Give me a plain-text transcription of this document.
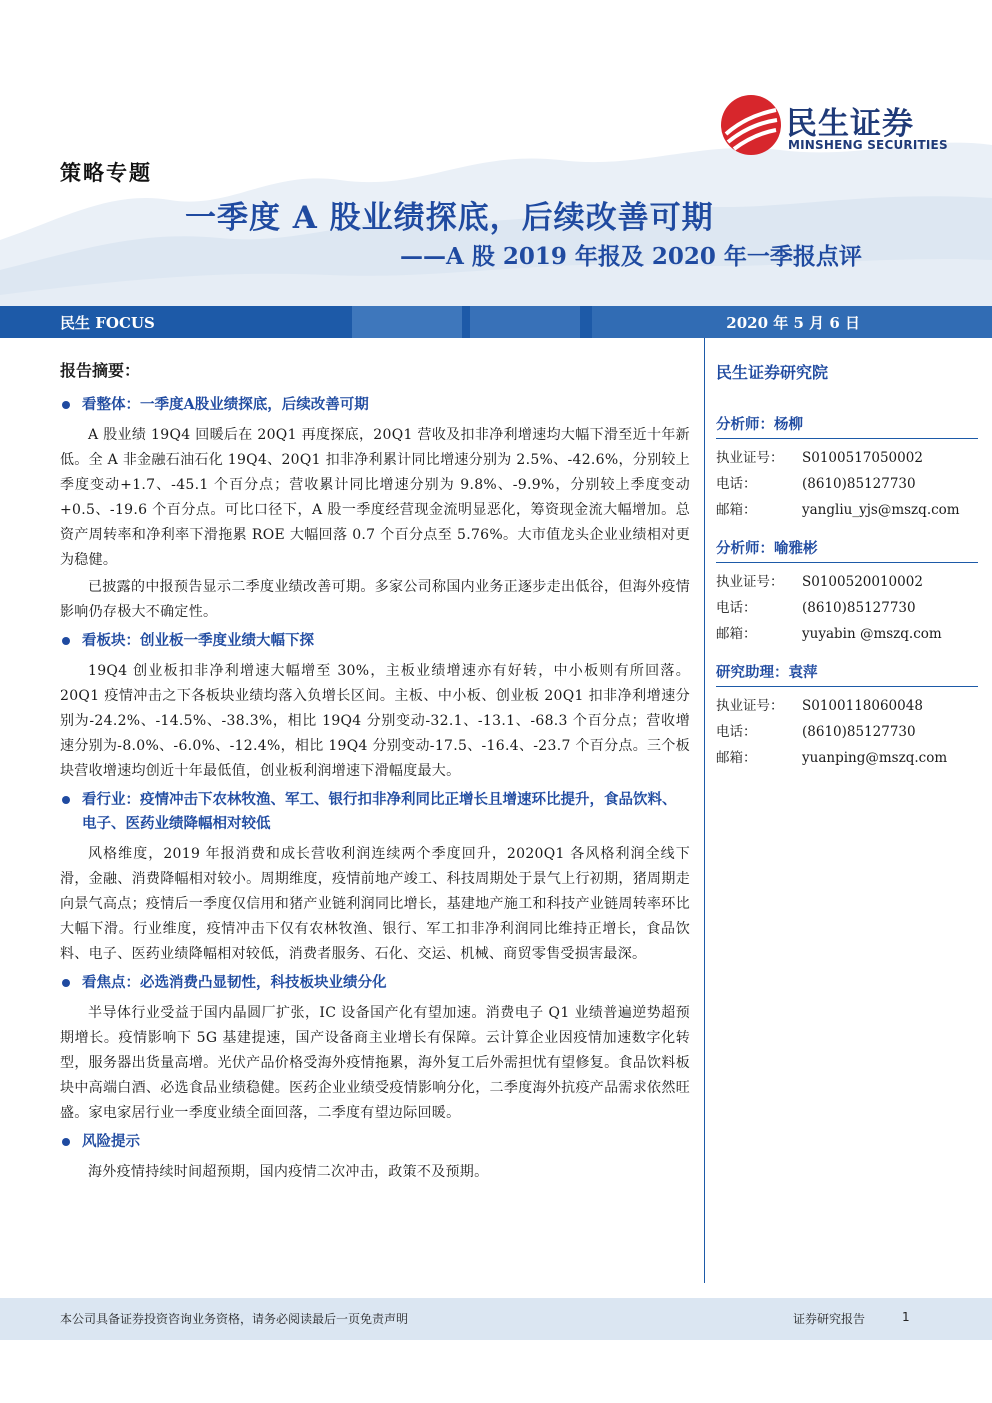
民生证券
MINSHENG SECURITIES
策略专题
一季度 A 股业绩探底，后续改善可期
——A 股 2019 年报及 2020 年一季报点评
民生 FOCUS	2020 年 5 月 6 日
报告摘要：
看整体：一季度A股业绩探底，后续改善可期

A 股业绩 19Q4 回暖后在 20Q1 再度探底，20Q1 营收及扣非净利增速均大幅下滑至近十年新低。全 A 非金融石油石化 19Q4、20Q1 扣非净利累计同比增速分别为 2.5%、-42.6%，分别较上季度变动+1.7、-45.1 个百分点；营收累计同比增速分别为 9.8%、-9.9%，分别较上季度变动+0.5、-19.6 个百分点。可比口径下，A 股一季度经营现金流明显恶化，筹资现金流大幅增加。总资产周转率和净利率下滑拖累 ROE 大幅回落 0.7 个百分点至 5.76%。大市值龙头企业业绩相对更为稳健。

已披露的中报预告显示二季度业绩改善可期。多家公司称国内业务正逐步走出低谷，但海外疫情影响仍存极大不确定性。

看板块：创业板一季度业绩大幅下探

19Q4 创业板扣非净利增速大幅增至 30%，主板业绩增速亦有好转，中小板则有所回落。20Q1 疫情冲击之下各板块业绩均落入负增长区间。主板、中小板、创业板 20Q1 扣非净利增速分别为-24.2%、-14.5%、-38.3%，相比 19Q4 分别变动-32.1、-13.1、-68.3 个百分点；营收增速分别为-8.0%、-6.0%、-12.4%，相比 19Q4 分别变动-17.5、-16.4、-23.7 个百分点。三个板块营收增速均创近十年最低值，创业板利润增速下滑幅度最大。

看行业：疫情冲击下农林牧渔、军工、银行扣非净利同比正增长且增速环比提升，食品饮料、电子、医药业绩降幅相对较低

风格维度，2019 年报消费和成长营收利润连续两个季度回升，2020Q1 各风格利润全线下滑，金融、消费降幅相对较小。周期维度，疫情前地产竣工、科技周期处于景气上行初期，猪周期走向景气高点；疫情后一季度仅信用和猪产业链利润同比增长，基建地产施工和科技产业链周转率环比大幅下滑。行业维度，疫情冲击下仅有农林牧渔、银行、军工扣非净利润同比维持正增长，食品饮料、电子、医药业绩降幅相对较低，消费者服务、石化、交运、机械、商贸零售受损害最深。

看焦点：必选消费凸显韧性，科技板块业绩分化

半导体行业受益于国内晶圆厂扩张，IC 设备国产化有望加速。消费电子 Q1 业绩普遍逆势超预期增长。疫情影响下 5G 基建提速，国产设备商主业增长有保障。云计算企业因疫情加速数字化转型，服务器出货量高增。光伏产品价格受海外疫情拖累，海外复工后外需担忧有望修复。食品饮料板块中高端白酒、必选食品业绩稳健。医药企业业绩受疫情影响分化，二季度海外抗疫产品需求依然旺盛。家电家居行业一季度业绩全面回落，二季度有望边际回暖。

风险提示

海外疫情持续时间超预期，国内疫情二次冲击，政策不及预期。

民生证券研究院
分析师：杨柳
执业证号：	S0100517050002
电话：	(8610)85127730
邮箱：	yangliu_yjs@mszq.com
分析师：喻雅彬
执业证号：	S0100520010002
电话：	(8610)85127730
邮箱：	yuyabin @mszq.com
研究助理：袁萍
执业证号：	S0100118060048
电话：	(8610)85127730
邮箱：	yuanping@mszq.com
本公司具备证券投资咨询业务资格，请务必阅读最后一页免责声明	证券研究报告	1
